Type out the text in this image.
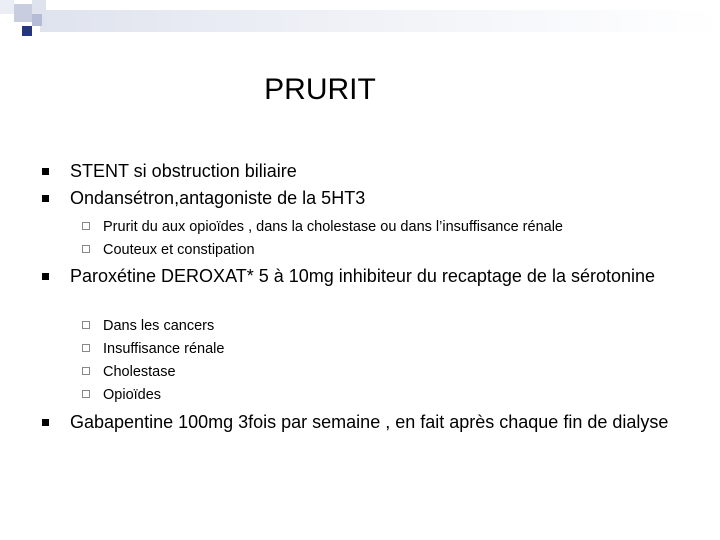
PRURIT
STENT si obstruction biliaire
Ondansétron,antagoniste de la 5HT3
Prurit du aux opioïdes , dans la cholestase ou dans l’insuffisance rénale
Couteux et constipation
Paroxétine DEROXAT* 5 à 10mg inhibiteur du recaptage de la sérotonine
Dans les cancers
Insuffisance rénale
Cholestase
Opioïdes
Gabapentine 100mg 3fois par semaine , en fait après chaque fin de dialyse
